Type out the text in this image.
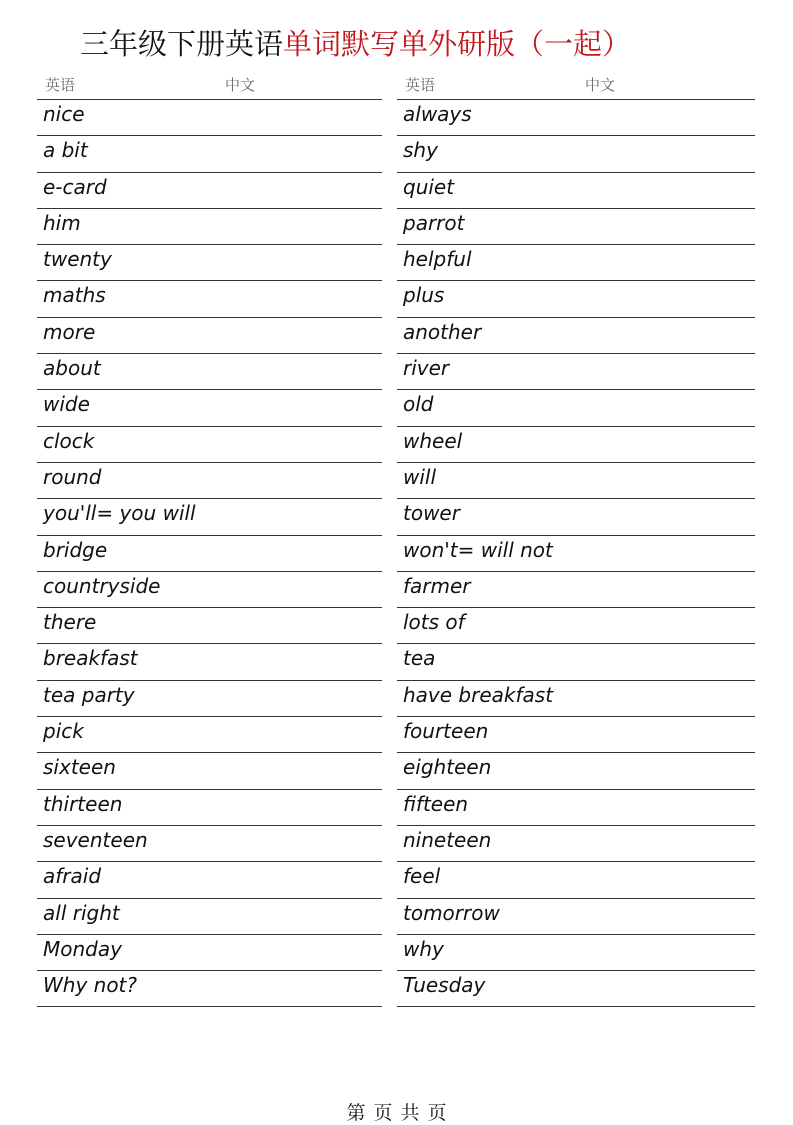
三年级下册英语单词默写单外研版（一起）
英语	中文
nice
a bit
e-card
him
twenty
maths
more
about
wide
clock
round
you'll= you will
bridge
countryside
there
breakfast
tea party
pick
sixteen
thirteen
seventeen
afraid
all right
Monday
Why not?
英语	中文
always
shy
quiet
parrot
helpful
plus
another
river
old
wheel
will
tower
won't= will not
farmer
lots of
tea
have breakfast
fourteen
eighteen
fifteen
nineteen
feel
tomorrow
why
Tuesday
第 页 共 页
